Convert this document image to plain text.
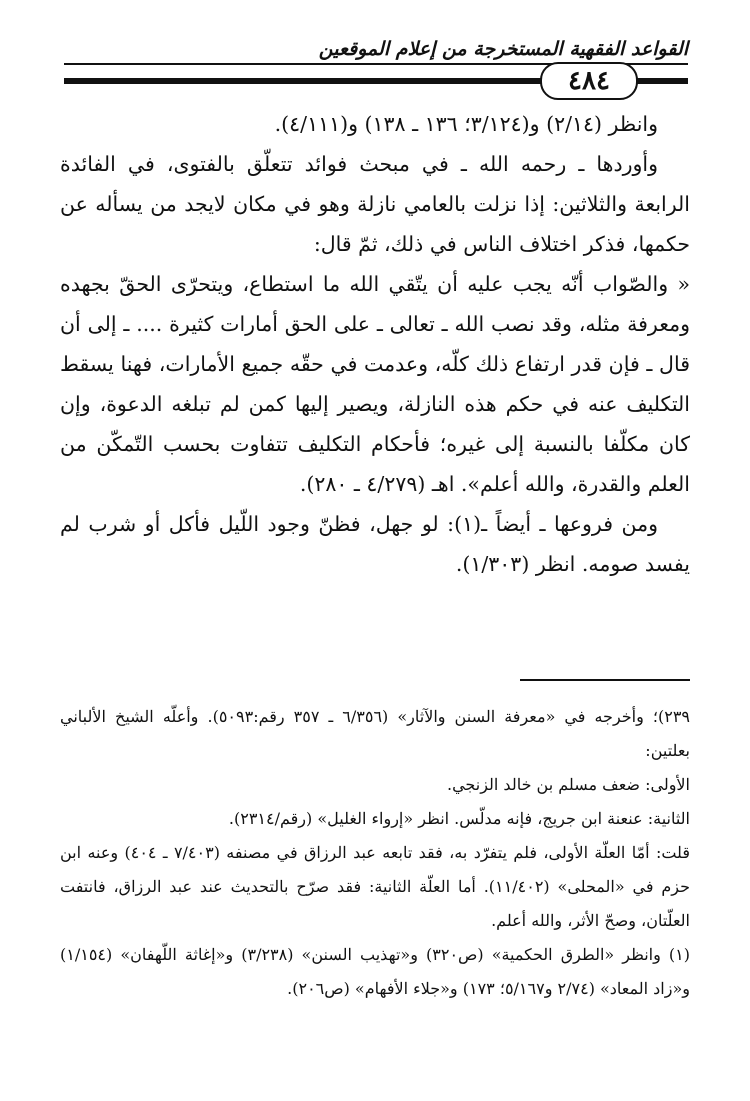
القواعد الفقهية المستخرجة من إعلام الموقعين
٤٨٤

وانظر (٢/١٤) و(٣/١٢٤؛ ١٣٦ ـ ١٣٨) و(٤/١١١).

وأوردها ـ رحمه الله ـ في مبحث فوائد تتعلّق بالفتوى، في الفائدة الرابعة والثلاثين: إذا نزلت بالعامي نازلة وهو في مكان لايجد من يسأله عن حكمها، فذكر اختلاف الناس في ذلك، ثمّ قال:

« والصّواب أنّه يجب عليه أن يتّقي الله ما استطاع، ويتحرّى الحقّ بجهده ومعرفة مثله، وقد نصب الله ـ تعالى ـ على الحق أمارات كثيرة .... ـ إلى أن قال ـ فإن قدر ارتفاع ذلك كلّه، وعدمت في حقّه جميع الأمارات، فهنا يسقط التكليف عنه في حكم هذه النازلة، ويصير إليها كمن لم تبلغه الدعوة، وإن كان مكلّفا بالنسبة إلى غيره؛ فأحكام التكليف تتفاوت بحسب التّمكّن من العلم والقدرة، والله أعلم». اهـ (٤/٢٧٩ ـ ٢٨٠).

ومن فروعها ـ أيضاً ـ(١): لو جهل، فظنّ وجود اللّيل فأكل أو شرب لم يفسد صومه. انظر (١/٣٠٣).

٢٣٩)؛ وأخرجه في «معرفة السنن والآثار» (٦/٣٥٦ ـ ٣٥٧ رقم:٥٠٩٣). وأعلّه الشيخ الألباني بعلتين:

الأولى: ضعف مسلم بن خالد الزنجي.

الثانية: عنعنة ابن جريج، فإنه مدلّس. انظر «إرواء الغليل» (رقم/٢٣١٤).

قلت: أمّا العلّة الأولى، فلم يتفرّد به، فقد تابعه عبد الرزاق في مصنفه (٧/٤٠٣ ـ ٤٠٤) وعنه ابن حزم في «المحلى» (١١/٤٠٢). أما العلّة الثانية: فقد صرّح بالتحديث عند عبد الرزاق، فانتفت العلّتان، وصحّ الأثر، والله أعلم.

(١) وانظر «الطرق الحكمية» (ص٣٢٠) و«تهذيب السنن» (٣/٢٣٨) و«إغاثة اللّهفان» (١/١٥٤) و«زاد المعاد» (٢/٧٤ و٥/١٦٧؛ ١٧٣) و«جلاء الأفهام» (ص٢٠٦).
